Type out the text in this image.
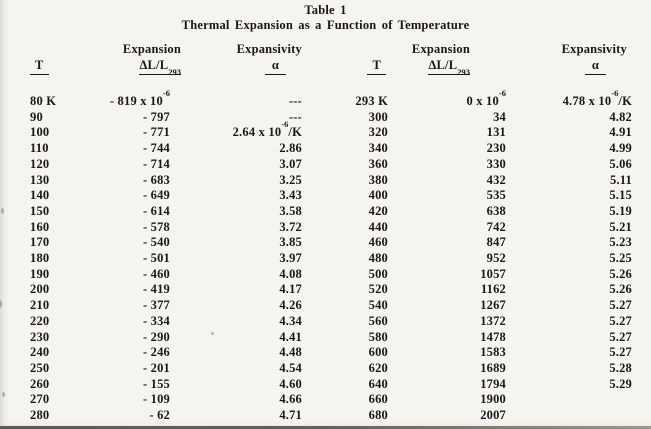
Table 1
Thermal Expansion as a Function of Temperature
	Expansion	Expansivity		Expansion	Expansivity
T	$\Delta L/L_{293}$	α	T	$\Delta L/L_{293}$	α
80 K	- 819 x $10^{-6}$	---	293 K	0 x $10^{-6}$	4.78 x $10^{-6}/K$
90	- 797	---	300	34	4.82
100	- 771	2.64 x $10^{-6}/K$	320	131	4.91
110	- 744	2.86	340	230	4.99
120	- 714	3.07	360	330	5.06
130	- 683	3.25	380	432	5.11
140	- 649	3.43	400	535	5.15
150	- 614	3.58	420	638	5.19
160	- 578	3.72	440	742	5.21
170	- 540	3.85	460	847	5.23
180	- 501	3.97	480	952	5.25
190	- 460	4.08	500	1057	5.26
200	- 419	4.17	520	1162	5.26
210	- 377	4.26	540	1267	5.27
220	- 334	4.34	560	1372	5.27
230	- 290	4.41	580	1478	5.27
240	- 246	4.48	600	1583	5.27
250	- 201	4.54	620	1689	5.28
260	- 155	4.60	640	1794	5.29
270	- 109	4.66	660	1900	
280	- 62	4.71	680	2007	
